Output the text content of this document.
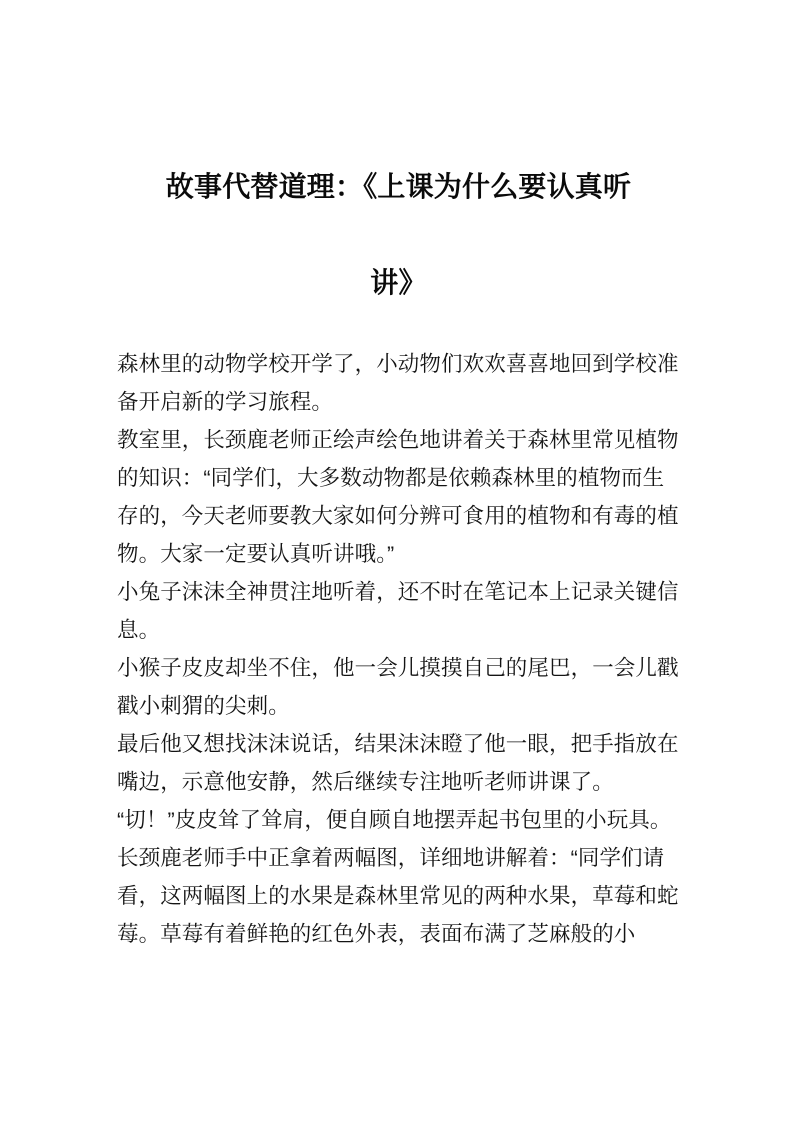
故事代替道理：《上课为什么要认真听
讲》

森林里的动物学校开学了，小动物们欢欢喜喜地回到学校准备开启新的学习旅程。

教室里，长颈鹿老师正绘声绘色地讲着关于森林里常见植物的知识：“同学们，大多数动物都是依赖森林里的植物而生存的，今天老师要教大家如何分辨可食用的植物和有毒的植物。大家一定要认真听讲哦。”

小兔子沫沫全神贯注地听着，还不时在笔记本上记录关键信息。

小猴子皮皮却坐不住，他一会儿摸摸自己的尾巴，一会儿戳戳小刺猬的尖刺。

最后他又想找沫沫说话，结果沫沫瞪了他一眼，把手指放在嘴边，示意他安静，然后继续专注地听老师讲课了。

“切！”皮皮耸了耸肩，便自顾自地摆弄起书包里的小玩具。

长颈鹿老师手中正拿着两幅图，详细地讲解着：“同学们请看，这两幅图上的水果是森林里常见的两种水果，草莓和蛇莓。草莓有着鲜艳的红色外表，表面布满了芝麻般的小
